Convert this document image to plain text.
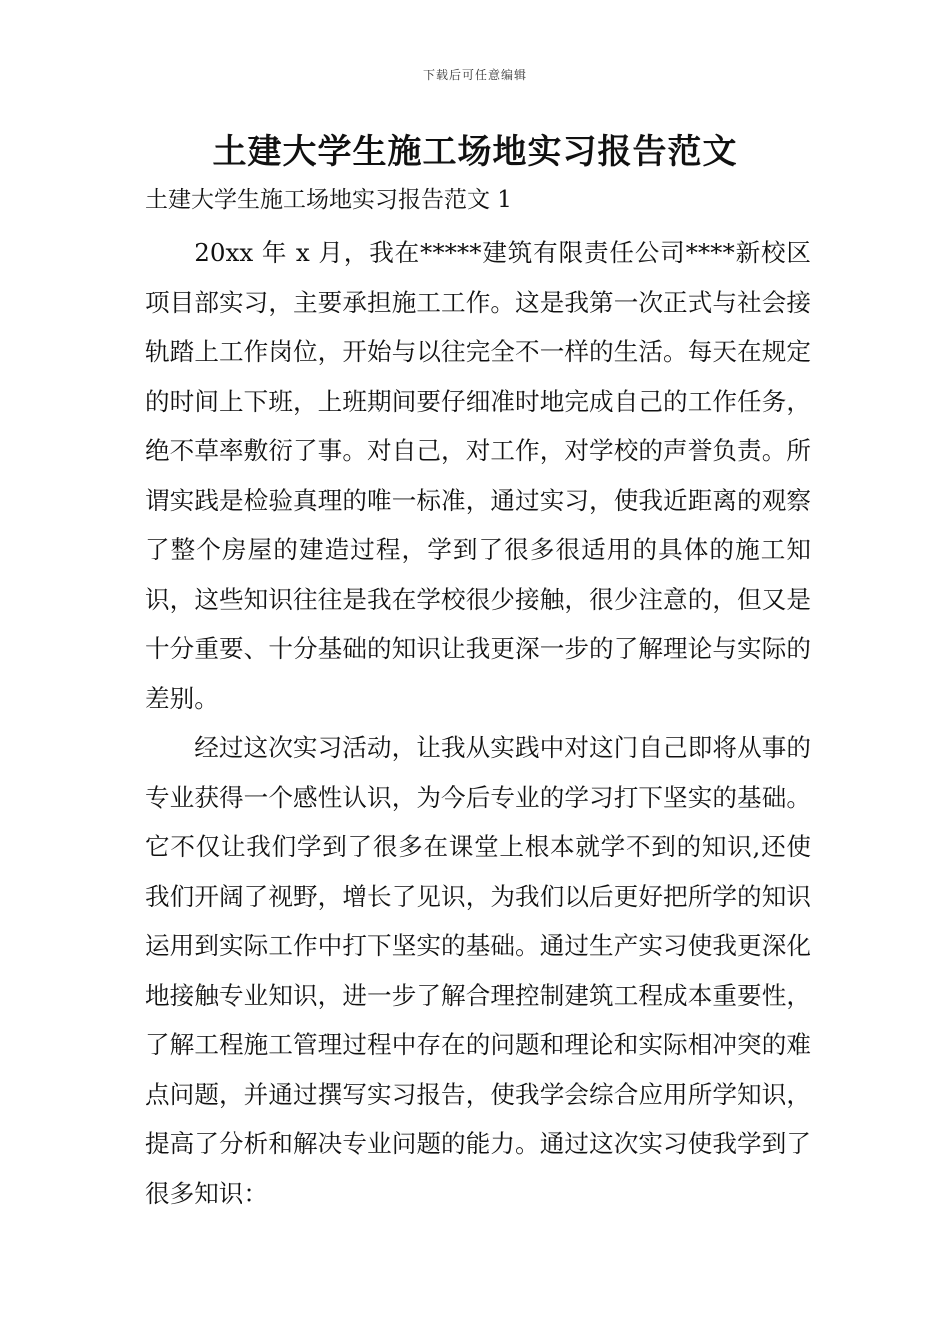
下载后可任意编辑
土建大学生施工场地实习报告范文

土建大学生施工场地实习报告范文 1

20xx 年 x 月，我在*****建筑有限责任公司****新校区项目部实习，主要承担施工工作。这是我第一次正式与社会接轨踏上工作岗位，开始与以往完全不一样的生活。每天在规定的时间上下班，上班期间要仔细准时地完成自己的工作任务，绝不草率敷衍了事。对自己，对工作，对学校的声誉负责。所谓实践是检验真理的唯一标准，通过实习，使我近距离的观察了整个房屋的建造过程，学到了很多很适用的具体的施工知识，这些知识往往是我在学校很少接触，很少注意的，但又是十分重要、十分基础的知识让我更深一步的了解理论与实际的差别。

经过这次实习活动，让我从实践中对这门自己即将从事的专业获得一个感性认识，为今后专业的学习打下坚实的基础。它不仅让我们学到了很多在课堂上根本就学不到的知识,还使我们开阔了视野，增长了见识，为我们以后更好把所学的知识运用到实际工作中打下坚实的基础。通过生产实习使我更深化地接触专业知识，进一步了解合理控制建筑工程成本重要性，了解工程施工管理过程中存在的问题和理论和实际相冲突的难点问题，并通过撰写实习报告，使我学会综合应用所学知识，提高了分析和解决专业问题的能力。通过这次实习使我学到了很多知识：
